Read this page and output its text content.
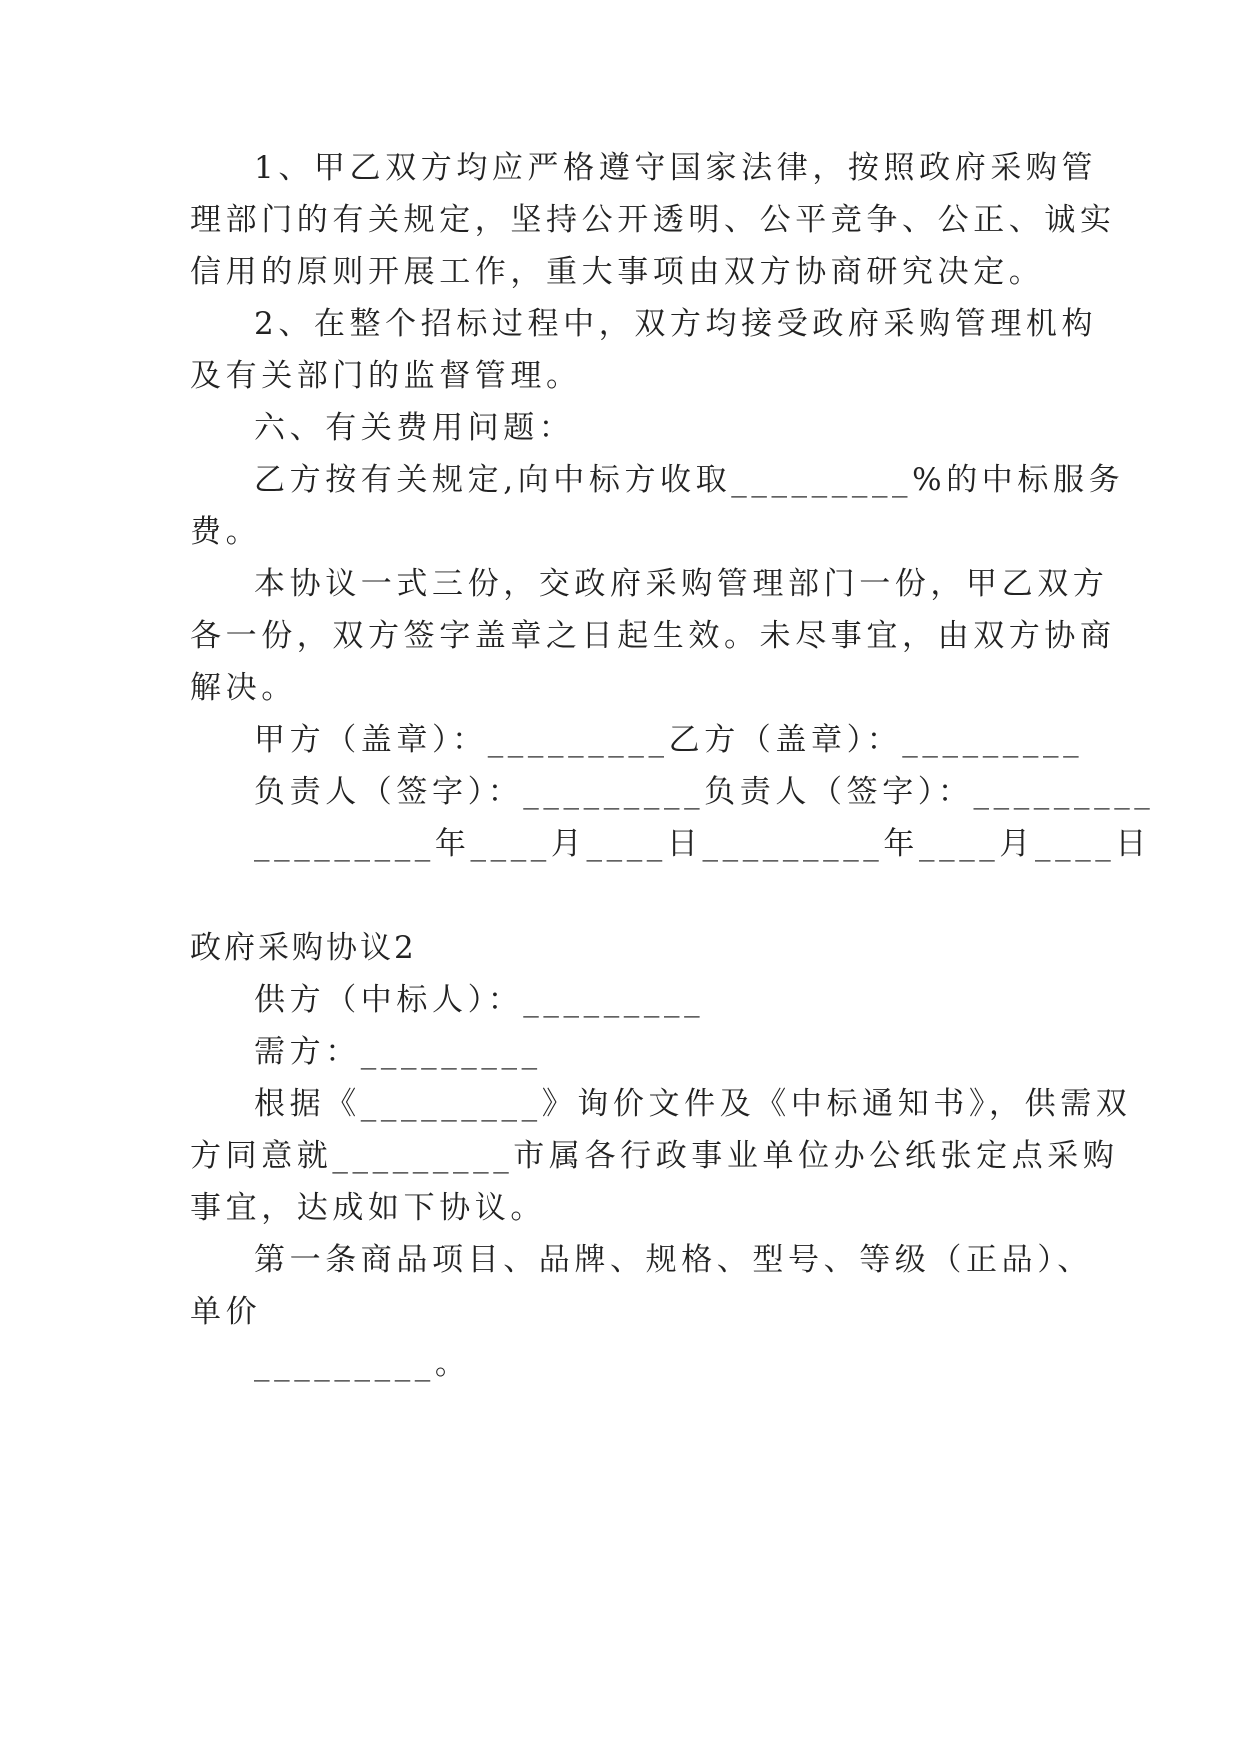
1、甲乙双方均应严格遵守国家法律，按照政府采购管
理部门的有关规定，坚持公开透明、公平竞争、公正、诚实
信用的原则开展工作，重大事项由双方协商研究决定。
2、在整个招标过程中，双方均接受政府采购管理机构
及有关部门的监督管理。
六、有关费用问题：
乙方按有关规定,向中标方收取_________%的中标服务
费。
本协议一式三份，交政府采购管理部门一份，甲乙双方
各一份，双方签字盖章之日起生效。未尽事宜，由双方协商
解决。
甲方（盖章）：_________乙方（盖章）：_________
负责人（签字）：_________负责人（签字）：_________
_________年____月____日_________年____月____日
政府采购协议2
供方（中标人）：_________
需方：_________
根据《_________》询价文件及《中标通知书》，供需双
方同意就_________市属各行政事业单位办公纸张定点采购
事宜，达成如下协议。
第一条商品项目、品牌、规格、型号、等级（正品）、
单价
_________。
